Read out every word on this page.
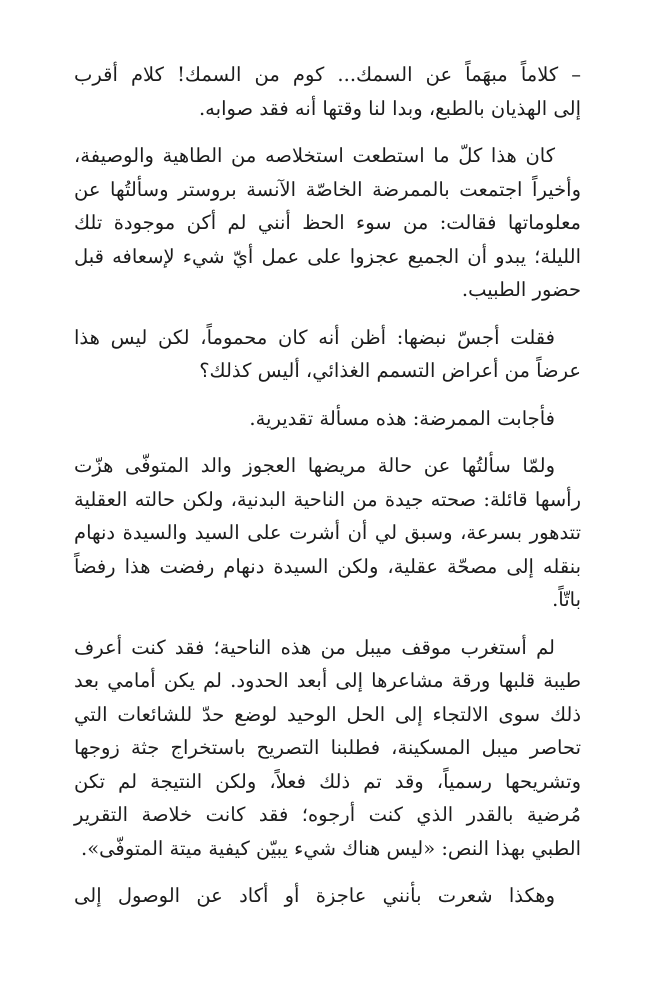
– كلاماً مبهَماً عن السمك... كوم من السمك! كلام أقرب
إلى الهذيان بالطبع، وبدا لنا وقتها أنه فقد صوابه.
كان هذا كلّ ما استطعت استخلاصه من الطاهية والوصيفة،
وأخيراً اجتمعت بالممرضة الخاصّة الآنسة بروستر وسألتُها عن
معلوماتها فقالت: من سوء الحظ أنني لم أكن موجودة تلك
الليلة؛ يبدو أن الجميع عجزوا على عمل أيّ شيء لإسعافه قبل
حضور الطبيب.
فقلت أجسّ نبضها: أظن أنه كان محموماً، لكن ليس هذا
عرضاً من أعراض التسمم الغذائي، أليس كذلك؟
فأجابت الممرضة: هذه مسألة تقديرية.
ولمّا سألتُها عن حالة مريضها العجوز والد المتوفّى هزّت
رأسها قائلة: صحته جيدة من الناحية البدنية، ولكن حالته العقلية
تتدهور بسرعة، وسبق لي أن أشرت على السيد والسيدة دنهام
بنقله إلى مصحّة عقلية، ولكن السيدة دنهام رفضت هذا رفضاً
باتّاً.
لم أستغرب موقف ميبل من هذه الناحية؛ فقد كنت أعرف
طيبة قلبها ورقة مشاعرها إلى أبعد الحدود. لم يكن أمامي بعد
ذلك سوى الالتجاء إلى الحل الوحيد لوضع حدّ للشائعات التي
تحاصر ميبل المسكينة، فطلبنا التصريح باستخراج جثة زوجها
وتشريحها رسمياً، وقد تم ذلك فعلاً، ولكن النتيجة لم تكن
مُرضية بالقدر الذي كنت أرجوه؛ فقد كانت خلاصة التقرير
الطبي بهذا النص: «ليس هناك شيء يبيّن كيفية ميتة المتوفّى».
وهكذا شعرت بأنني عاجزة أو أكاد عن الوصول إلى
